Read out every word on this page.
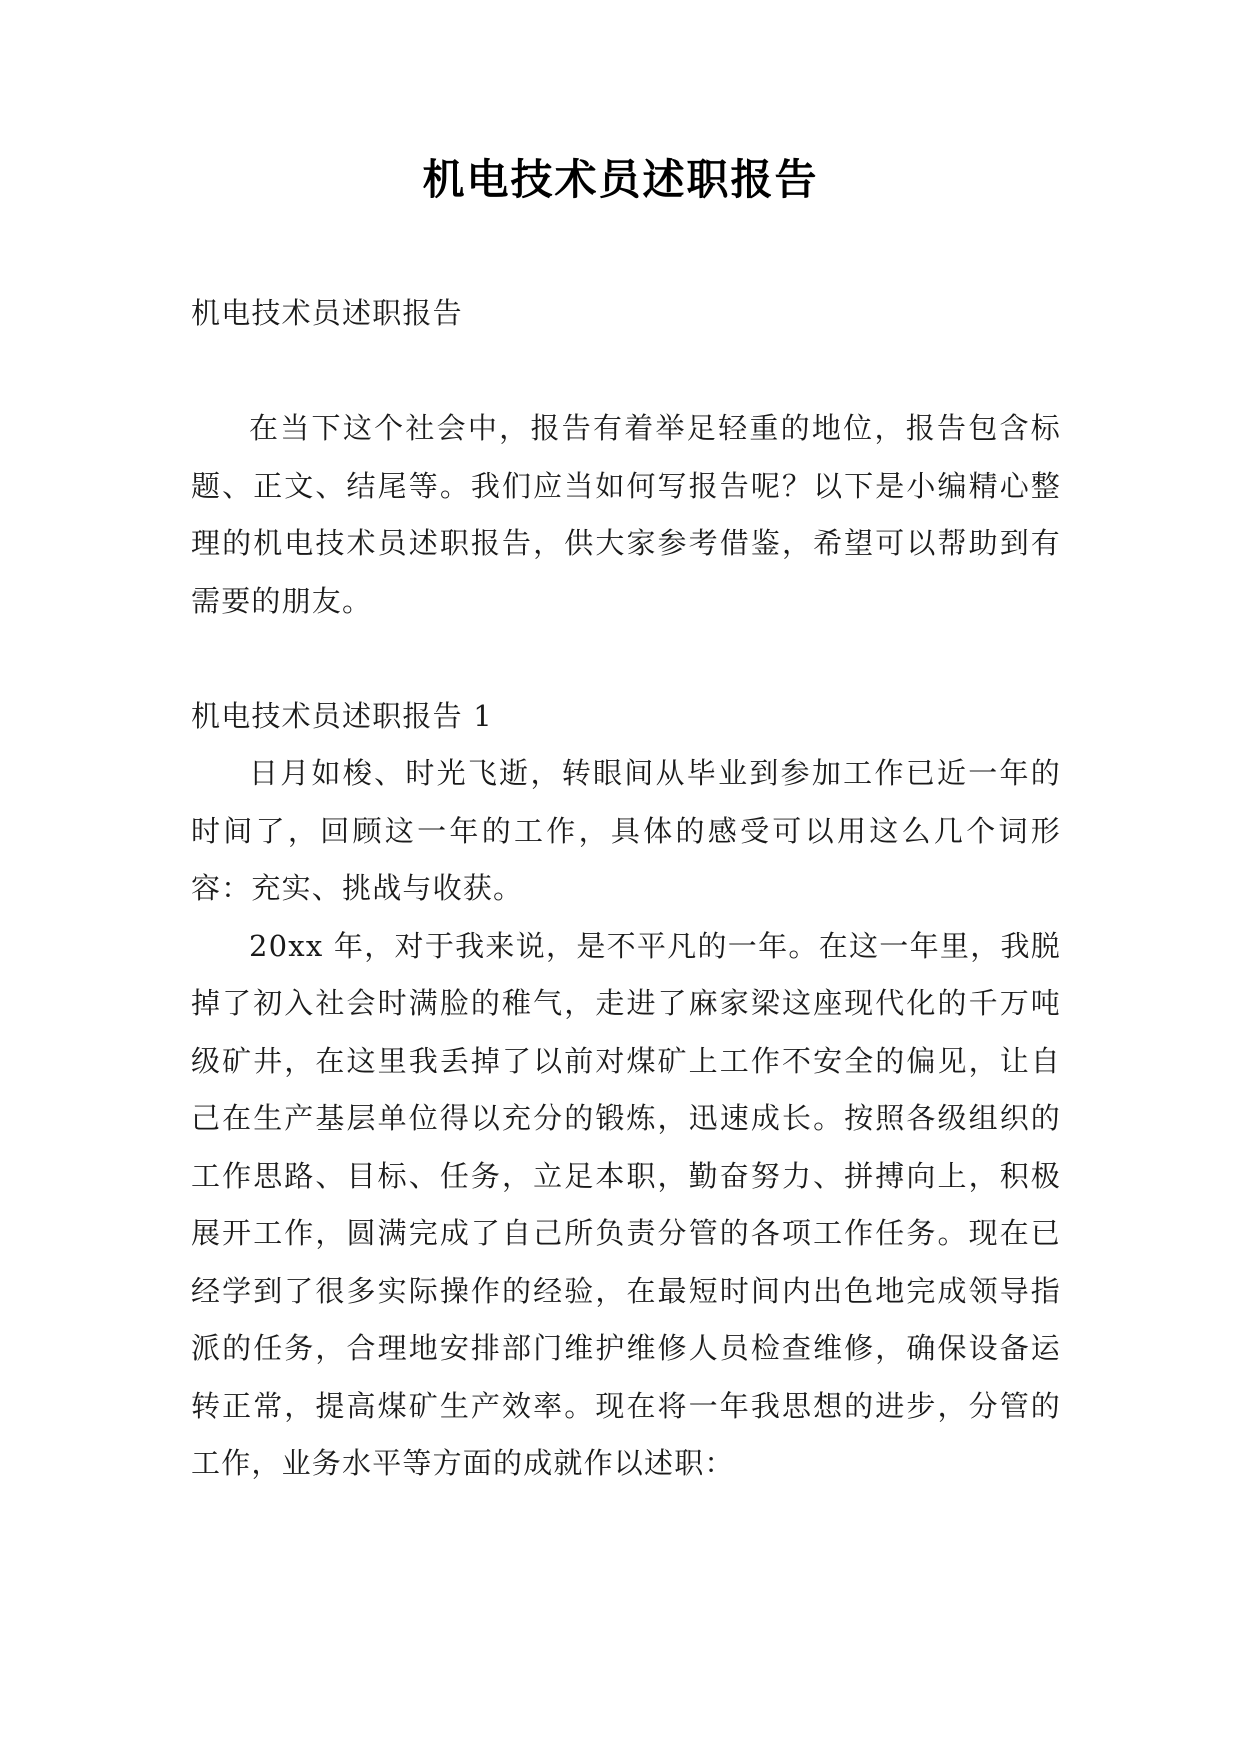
机电技术员述职报告

机电技术员述职报告

在当下这个社会中，报告有着举足轻重的地位，报告包含标题、正文、结尾等。我们应当如何写报告呢？以下是小编精心整理的机电技术员述职报告，供大家参考借鉴，希望可以帮助到有需要的朋友。

机电技术员述职报告 1

日月如梭、时光飞逝，转眼间从毕业到参加工作已近一年的时间了，回顾这一年的工作，具体的感受可以用这么几个词形容：充实、挑战与收获。

20xx 年，对于我来说，是不平凡的一年。在这一年里，我脱掉了初入社会时满脸的稚气，走进了麻家梁这座现代化的千万吨级矿井，在这里我丢掉了以前对煤矿上工作不安全的偏见，让自己在生产基层单位得以充分的锻炼，迅速成长。按照各级组织的工作思路、目标、任务，立足本职，勤奋努力、拼搏向上，积极展开工作，圆满完成了自己所负责分管的各项工作任务。现在已经学到了很多实际操作的经验，在最短时间内出色地完成领导指派的任务，合理地安排部门维护维修人员检查维修，确保设备运转正常，提高煤矿生产效率。现在将一年我思想的进步，分管的工作，业务水平等方面的成就作以述职：
